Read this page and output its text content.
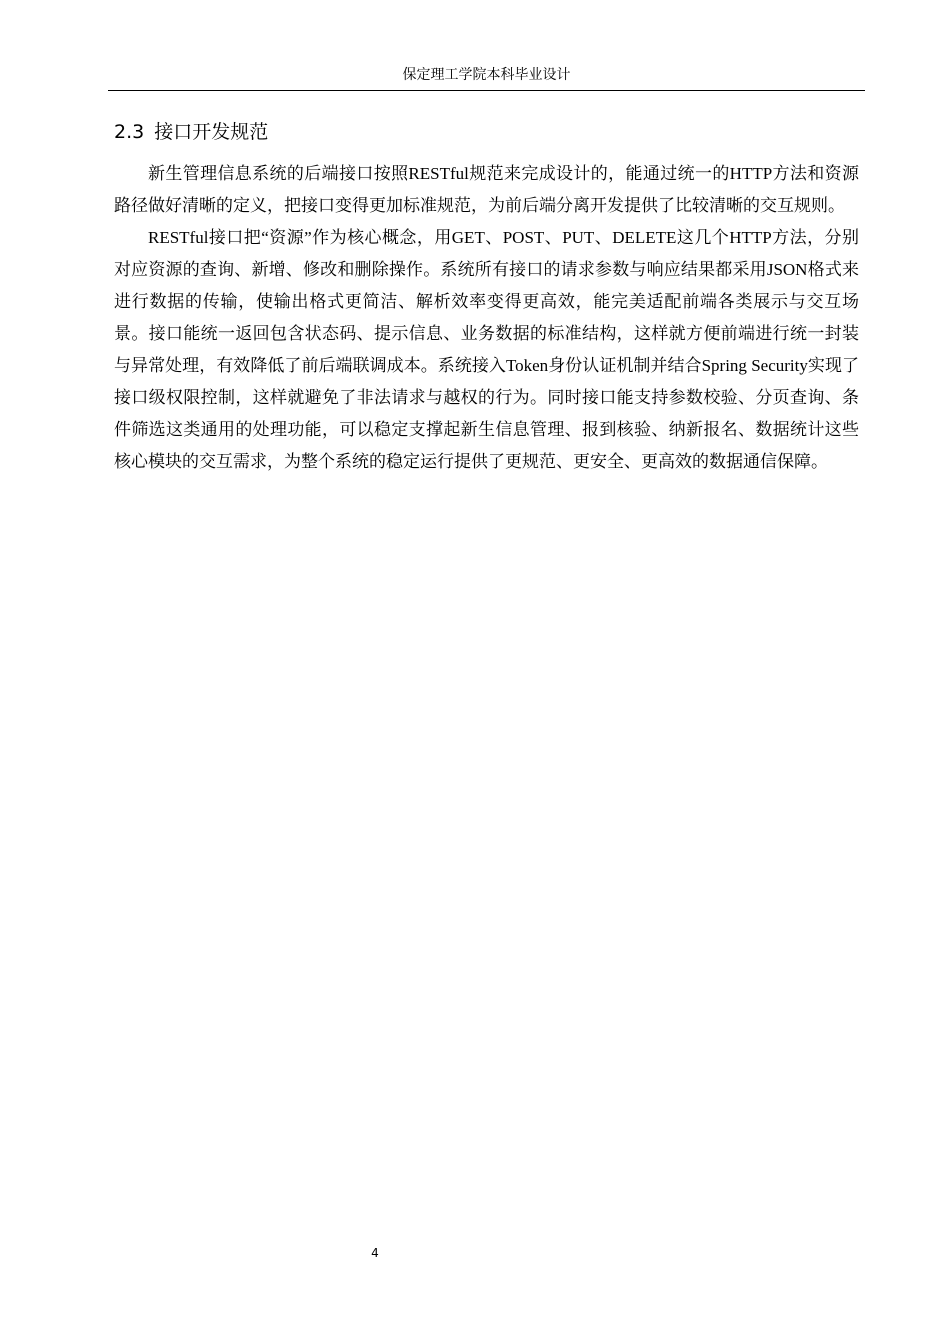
保定理工学院本科毕业设计
2.3 接口开发规范

新生管理信息系统的后端接口按照RESTful规范来完成设计的，能通过统一的HTTP方法和资源路径做好清晰的定义，把接口变得更加标准规范，为前后端分离开发提供了比较清晰的交互规则。

RESTful接口把“资源”作为核心概念，用GET、POST、PUT、DELETE这几个HTTP方法，分别对应资源的查询、新增、修改和删除操作。系统所有接口的请求参数与响应结果都采用JSON格式来进行数据的传输，使输出格式更简洁、解析效率变得更高效，能完美适配前端各类展示与交互场景。接口能统一返回包含状态码、提示信息、业务数据的标准结构，这样就方便前端进行统一封装与异常处理，有效降低了前后端联调成本。系统接入Token身份认证机制并结合Spring Security实现了接口级权限控制，这样就避免了非法请求与越权的行为。同时接口能支持参数校验、分页查询、条件筛选这类通用的处理功能，可以稳定支撑起新生信息管理、报到核验、纳新报名、数据统计这些核心模块的交互需求，为整个系统的稳定运行提供了更规范、更安全、更高效的数据通信保障。

4
